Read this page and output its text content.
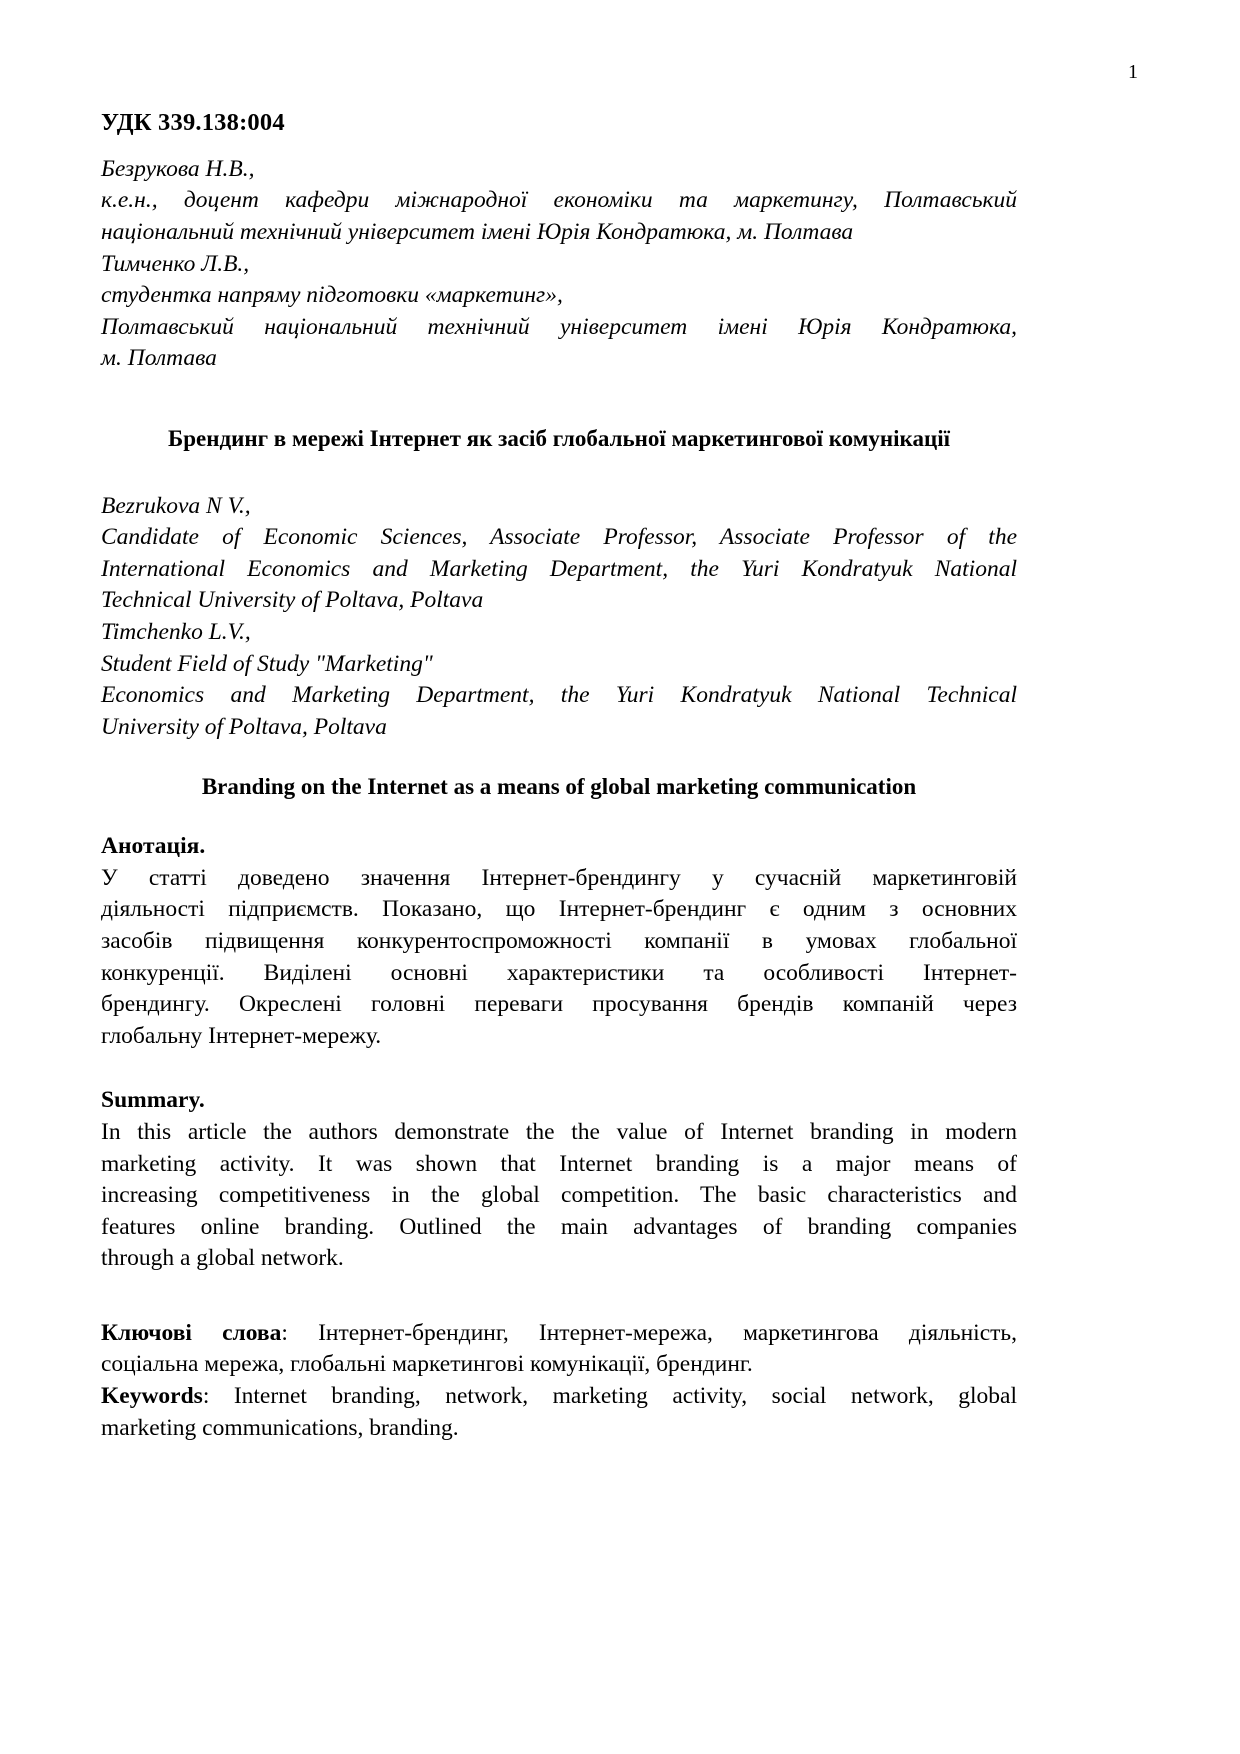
1
УДК 339.138:004
Безрукова Н.В.,
к.е.н., доцент кафедри міжнародної економіки та маркетингу, Полтавський
національний технічний університет імені Юрія Кондратюка, м. Полтава
Тимченко Л.В.,
студентка напряму підготовки «маркетинг»,
Полтавський національний технічний університет імені Юрія Кондратюка,
м. Полтава
Брендинг в мережі Інтернет як засіб глобальної маркетингової комунікації
Bezrukova N V.,
Candidate of Economic Sciences, Associate Professor, Associate Professor of the
International Economics and Marketing Department, the Yuri Kondratyuk National
Technical University of Poltava, Poltava
Timchenko L.V.,
Student Field of Study "Marketing"
Economics and Marketing Department, the Yuri Kondratyuk National Technical
University of Poltava, Poltava
Branding on the Internet as a means of global marketing communication
Анотація.
У статті доведено значення Інтернет-брендингу у сучасній маркетинговій
діяльності підприємств. Показано, що Інтернет-брендинг є одним з основних
засобів підвищення конкурентоспроможності компанії в умовах глобальної
конкуренції. Виділені основні характеристики та особливості Інтернет-
брендингу. Окреслені головні переваги просування брендів компаній через
глобальну Інтернет-мережу.
Summary.
In this article the authors demonstrate the the value of Internet branding in modern
marketing activity. It was shown that Internet branding is a major means of
increasing competitiveness in the global competition. The basic characteristics and
features online branding. Outlined the main advantages of branding companies
through a global network.
Ключові слова: Інтернет-брендинг, Інтернет-мережа, маркетингова діяльність,
соціальна мережа, глобальні маркетингові комунікації, брендинг.
Keywords: Internet branding, network, marketing activity, social network, global
marketing communications, branding.
